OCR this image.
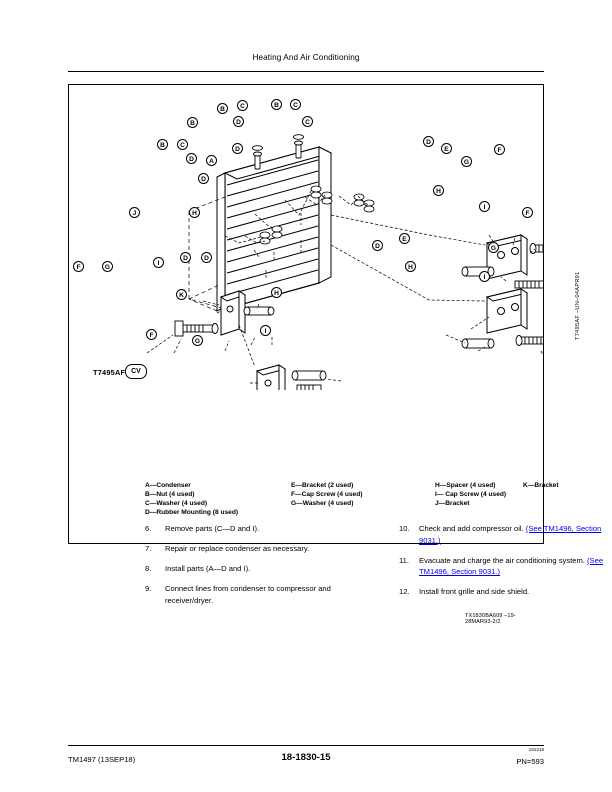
Heating And Air Conditioning
B	C	B	C
B	D	C
B	C
A
D
D
D
D
E
G
F
H
I
F
D
E
G
H
I
J	H
F	G
I
D	D
K	H
F
G
I
T7495AF CV
T7495AF –UN–04APR91
A—Condenser
B—Nut (4 used)
C—Washer (4 used)
D—Rubber Mounting (8 used)
E—Bracket (2 used)
F—Cap Screw (4 used)
G—Washer (4 used)
H—Spacer (4 used)
I— Cap Screw (4 used)
J—Bracket
K—Bracket
6.	Remove parts (C—D and I).
7.	Repair or replace condenser as necessary.
8.	Install parts (A—D and I).
9.	Connect lines from condenser to compressor and receiver/dryer.
10.	Check and add compressor oil. (See TM1496, Section 9031.)
11.	Evacuate and charge the air conditioning system. (See TM1496, Section 9031.)
12.	Install front grille and side shield.
TX1830BA609 –19-28MAR93-2/2
TM1497 (13SEP18)	18-1830-15
181219
PN=593
